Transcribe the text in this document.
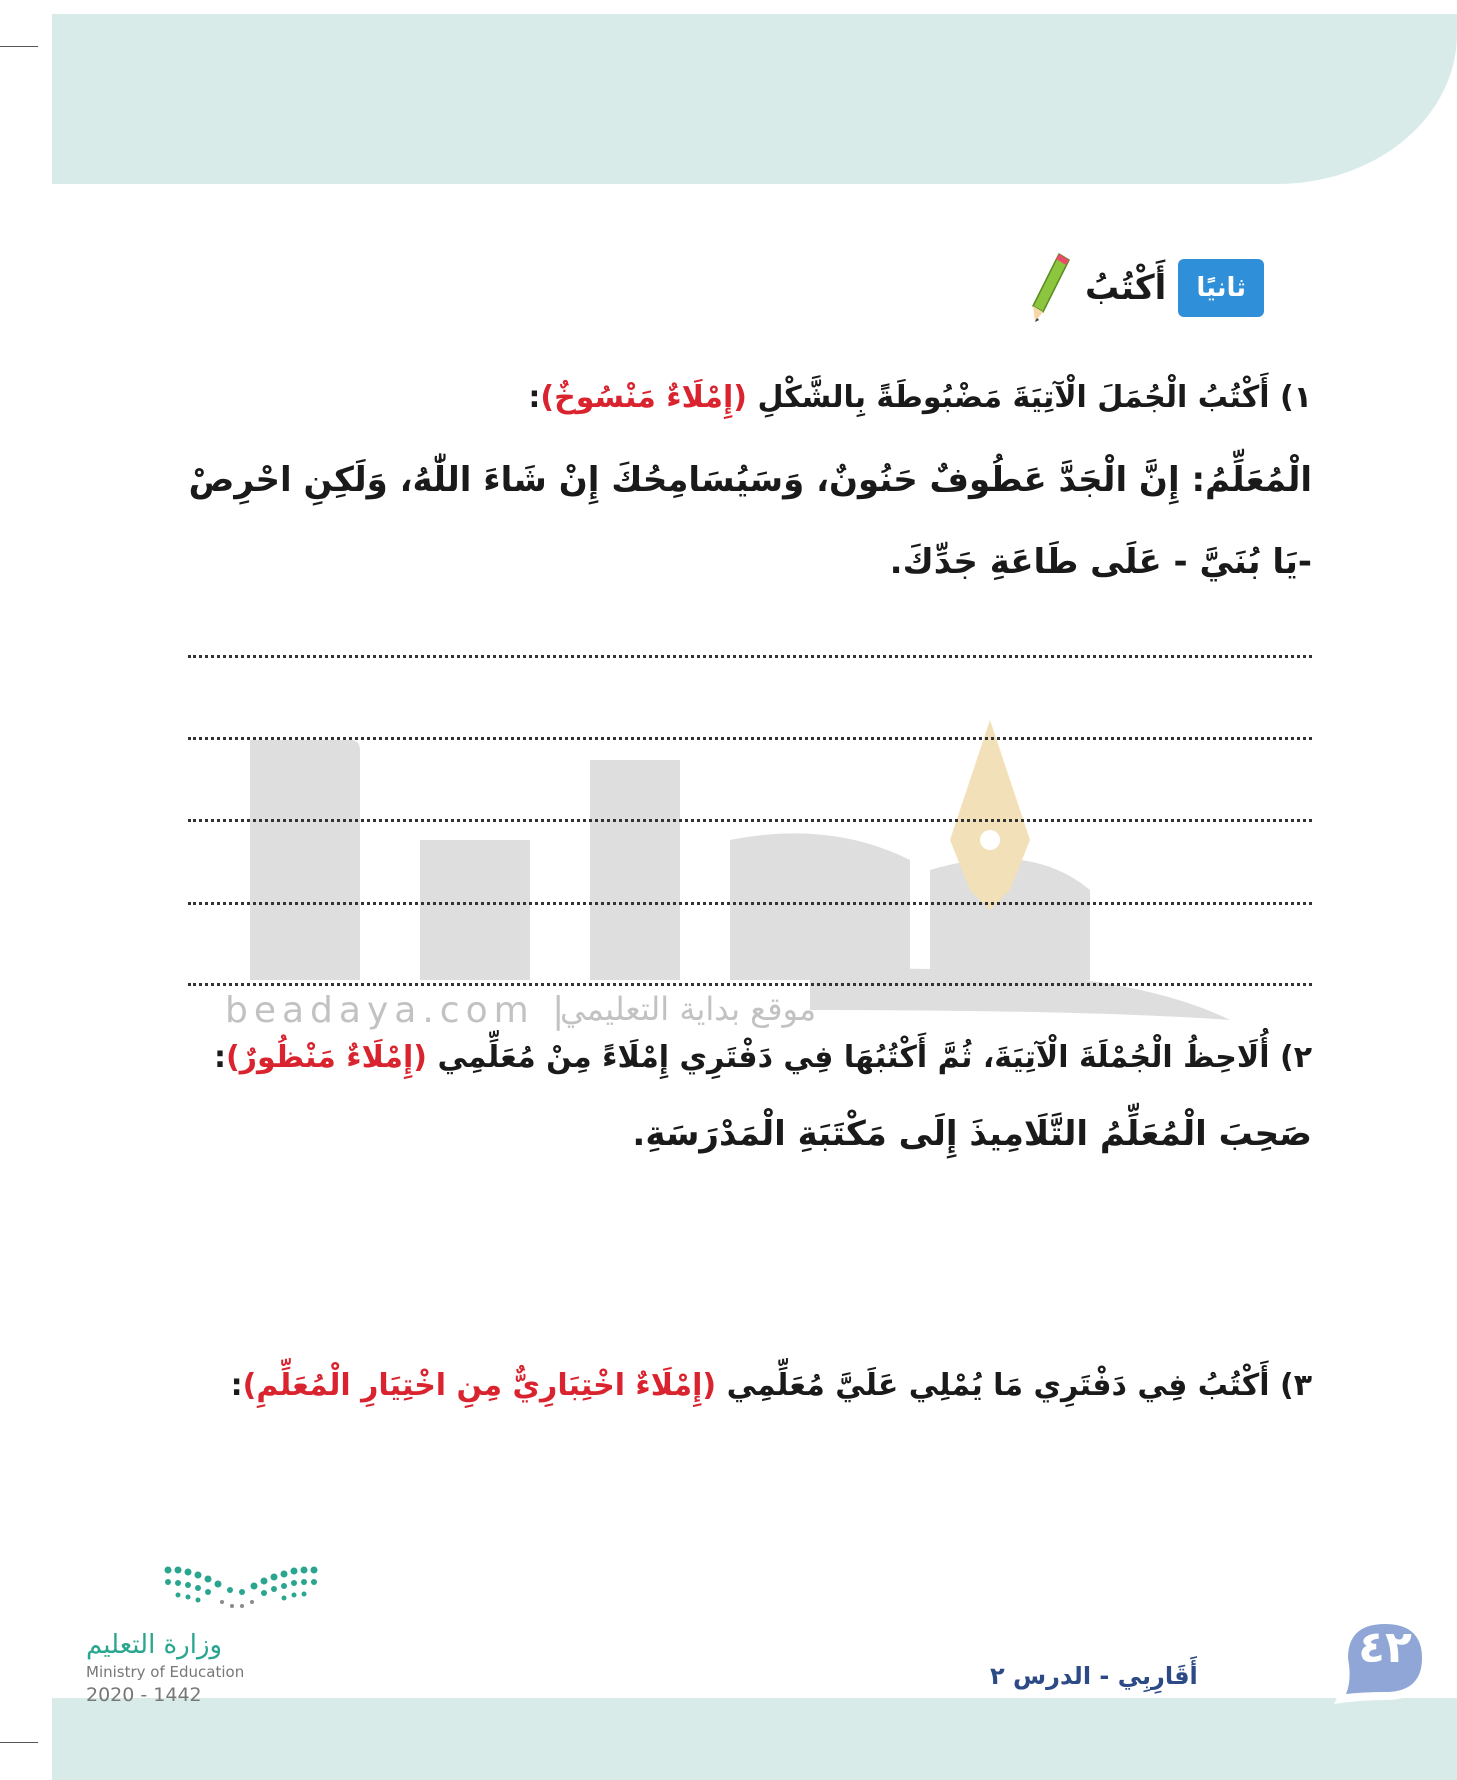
beadaya.com |
موقع بداية التعليمي
ثانيًا
أَكْتُبُ
١) أَكْتُبُ الْجُمَلَ الْآتِيَةَ مَضْبُوطَةً بِالشَّكْلِ (إِمْلَاءٌ مَنْسُوخٌ):
الْمُعَلِّمُ: إِنَّ الْجَدَّ عَطُوفٌ حَنُونٌ، وَسَيُسَامِحُكَ إِنْ شَاءَ اللّٰهُ، وَلَكِنِ احْرِصْ
-يَا بُنَيَّ - عَلَى طَاعَةِ جَدِّكَ.
٢) أُلَاحِظُ الْجُمْلَةَ الْآتِيَةَ، ثُمَّ أَكْتُبُهَا فِي دَفْتَرِي إِمْلَاءً مِنْ مُعَلِّمِي (إِمْلَاءٌ مَنْظُورٌ):
صَحِبَ الْمُعَلِّمُ التَّلَامِيذَ إِلَى مَكْتَبَةِ الْمَدْرَسَةِ.
٣) أَكْتُبُ فِي دَفْتَرِي مَا يُمْلِي عَلَيَّ مُعَلِّمِي (إِمْلَاءٌ اخْتِبَارِيٌّ مِنِ اخْتِيَارِ الْمُعَلِّمِ):
وزارة التعليم
Ministry of Education
2020 - 1442
أَقَارِبِي - الدرس ٢
٤٢
